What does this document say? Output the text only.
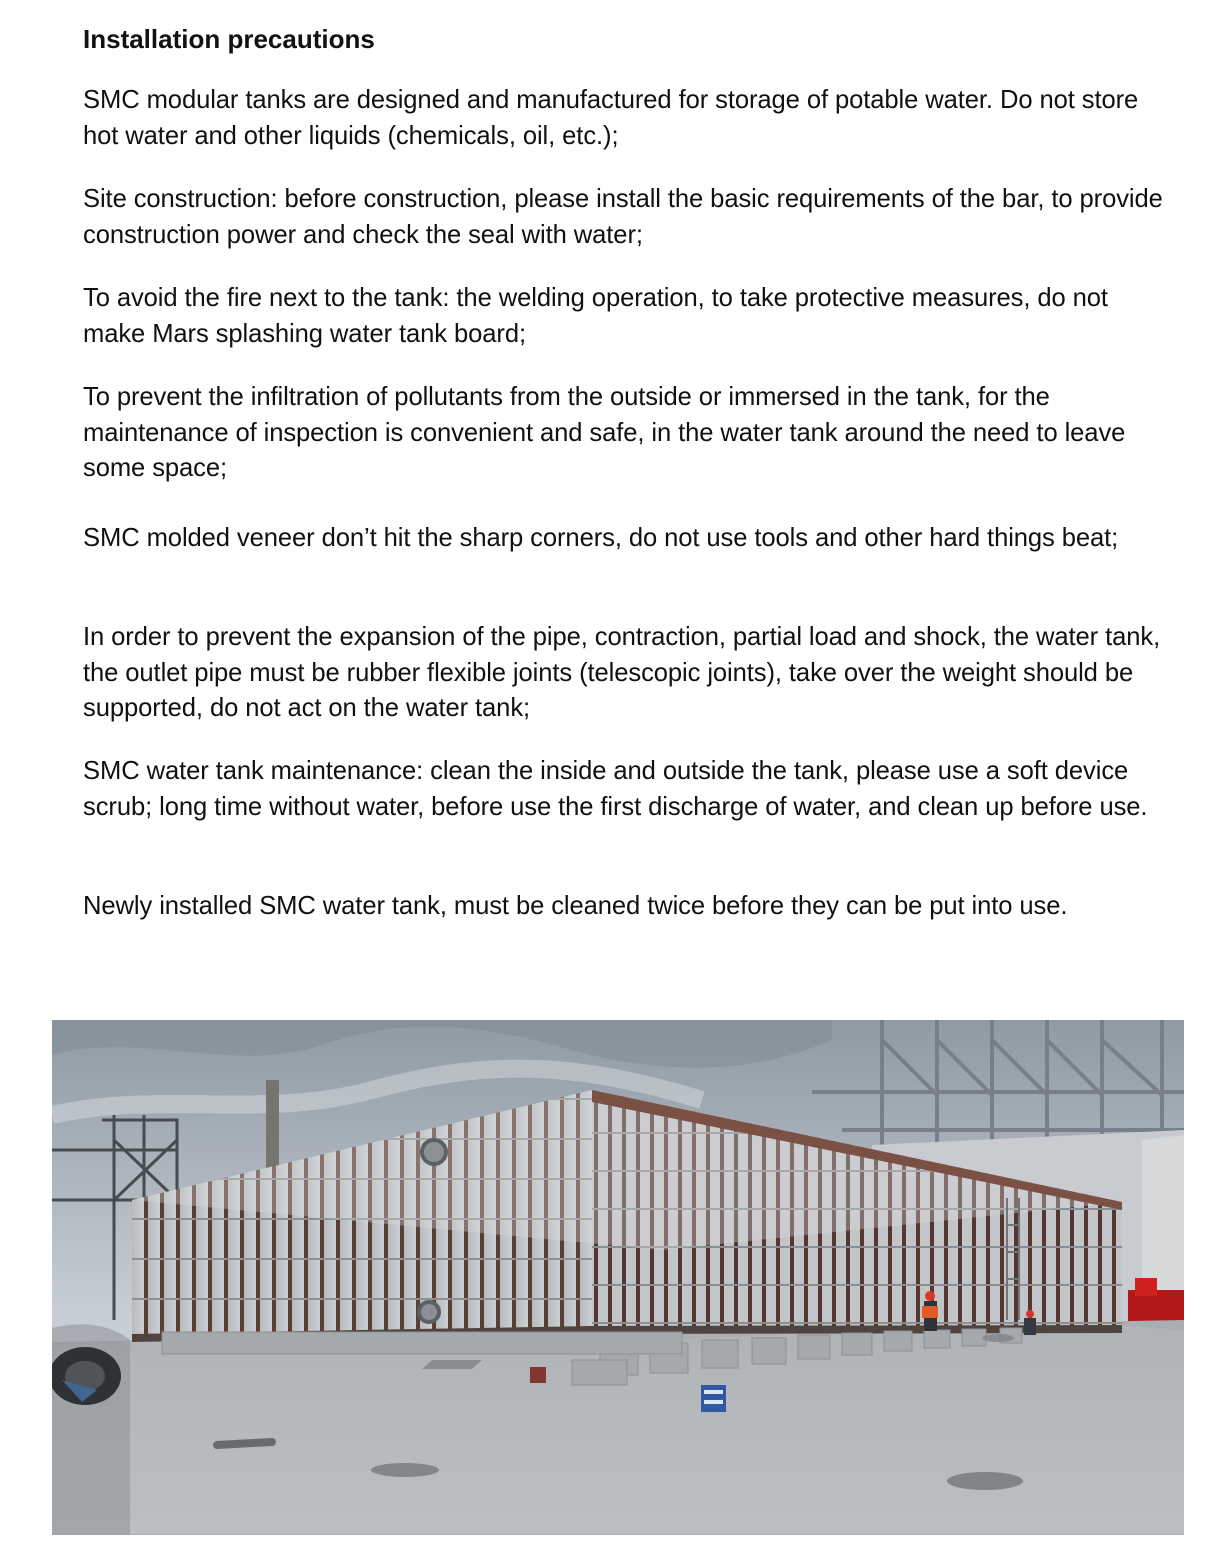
Installation precautions

SMC modular tanks are designed and manufactured for storage of potable water. Do not store hot water and other liquids (chemicals, oil, etc.);

Site construction: before construction, please install the basic requirements of the bar, to provide construction power and check the seal with water;

To avoid the fire next to the tank: the welding operation, to take protective measures, do not make Mars splashing water tank board;

To prevent the infiltration of pollutants from the outside or immersed in the tank, for the maintenance of inspection is convenient and safe, in the water tank around the need to leave some space;

SMC molded veneer don’t hit the sharp corners, do not use tools and other hard things beat;

In order to prevent the expansion of the pipe, contraction, partial load and shock, the water tank, the outlet pipe must be rubber flexible joints (telescopic joints), take over the weight should be supported, do not act on the water tank;

SMC water tank maintenance: clean the inside and outside the tank, please use a soft device scrub; long time without water, before use the first discharge of water, and clean up before use.

Newly installed SMC water tank, must be cleaned twice before they can be put into use.
